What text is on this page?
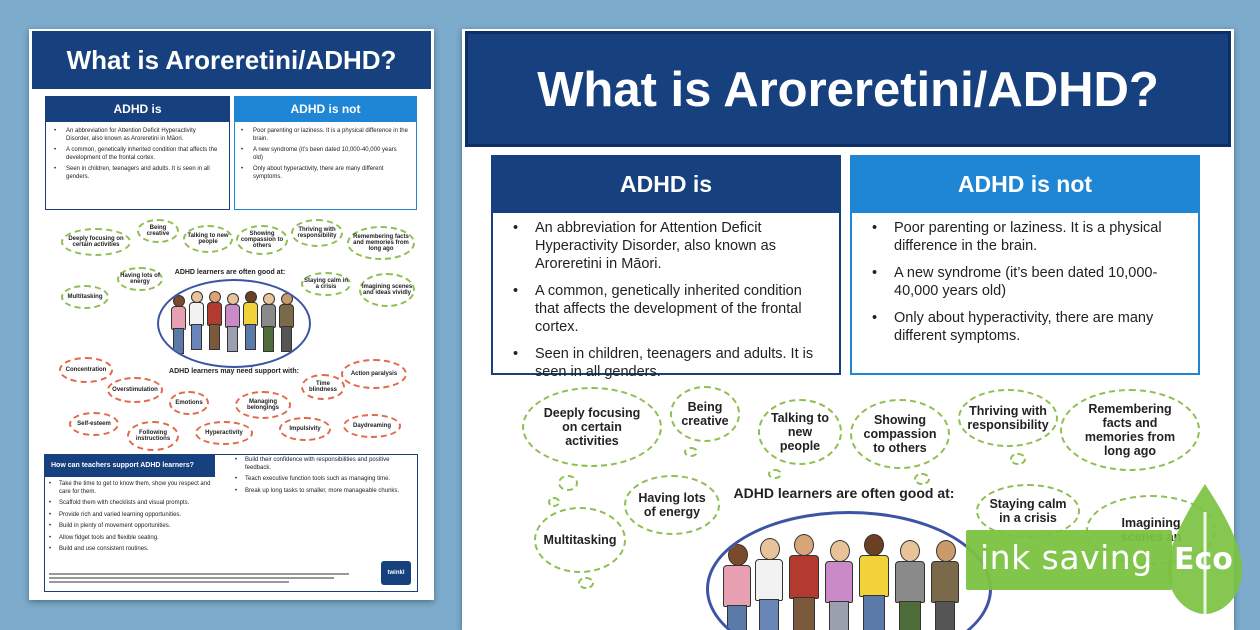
What is Arorereti​ni/ADHD?
ADHD is
• An abbreviation for Attention Deficit Hyperactivity Disorder, also known as Aroreretini in Māori.
• A common, genetically inherited condition that affects the development of the frontal cortex.
• Seen in children, teenagers and adults. It is seen in all genders.
ADHD is not
• Poor parenting or laziness. It is a physical difference in the brain.
• A new syndrome (it’s been dated 10,000-40,000 years old)
• Only about hyperactivity, there are many different symptoms.
Deeply focusing on certain activities
Being creative	Talking to new people
Showing compassion to others
Thriving with responsibility	Remembering facts and memories from long ago
Having lots of energy	Staying calm in a crisis	Imagining scenes and ideas vividly
Multitasking
ADHD learners are often good at:
ADHD learners may need support with:
Concentration
Overstimulation
Emotions	Managing belongings
Time blindness
Action paralysis
Self-esteem
Following instructions
Hyperactivity
Impulsivity	Daydreaming
How can teachers support ADHD learners?
• Take the time to get to know them, show you respect and care for them.
• Scaffold them with checklists and visual prompts.
• Provide rich and varied learning opportunities.
• Build in plenty of movement opportunities.
• Allow fidget tools and flexible seating.
• Build and use consistent routines.
• Build their confidence with responsibilities and positive feedback.
• Teach executive function tools such as managing time.
• Break up long tasks to smaller, more manageable chunks.
twinkl
What is Arorereti​ni/ADHD?
ADHD is
• An abbreviation for Attention Deficit Hyperactivity Disorder, also known as Aroreretini in Māori.
• A common, genetically inherited condition that affects the development of the frontal cortex.
• Seen in children, teenagers and adults. It is seen in all genders.
ADHD is not
• Poor parenting or laziness. It is a physical difference in the brain.
• A new syndrome (it’s been dated 10,000-40,000 years old)
• Only about hyperactivity, there are many different symptoms.
Deeply focusing on certain activities
Being creative	Talking to new people
Showing compassion to others
Thriving with responsibility
Remembering facts and memories from long ago
Having lots of energy
Staying calm in a crisis	Imagining an
Multitasking
ADHD learners are often good at:
ink saving Eco
